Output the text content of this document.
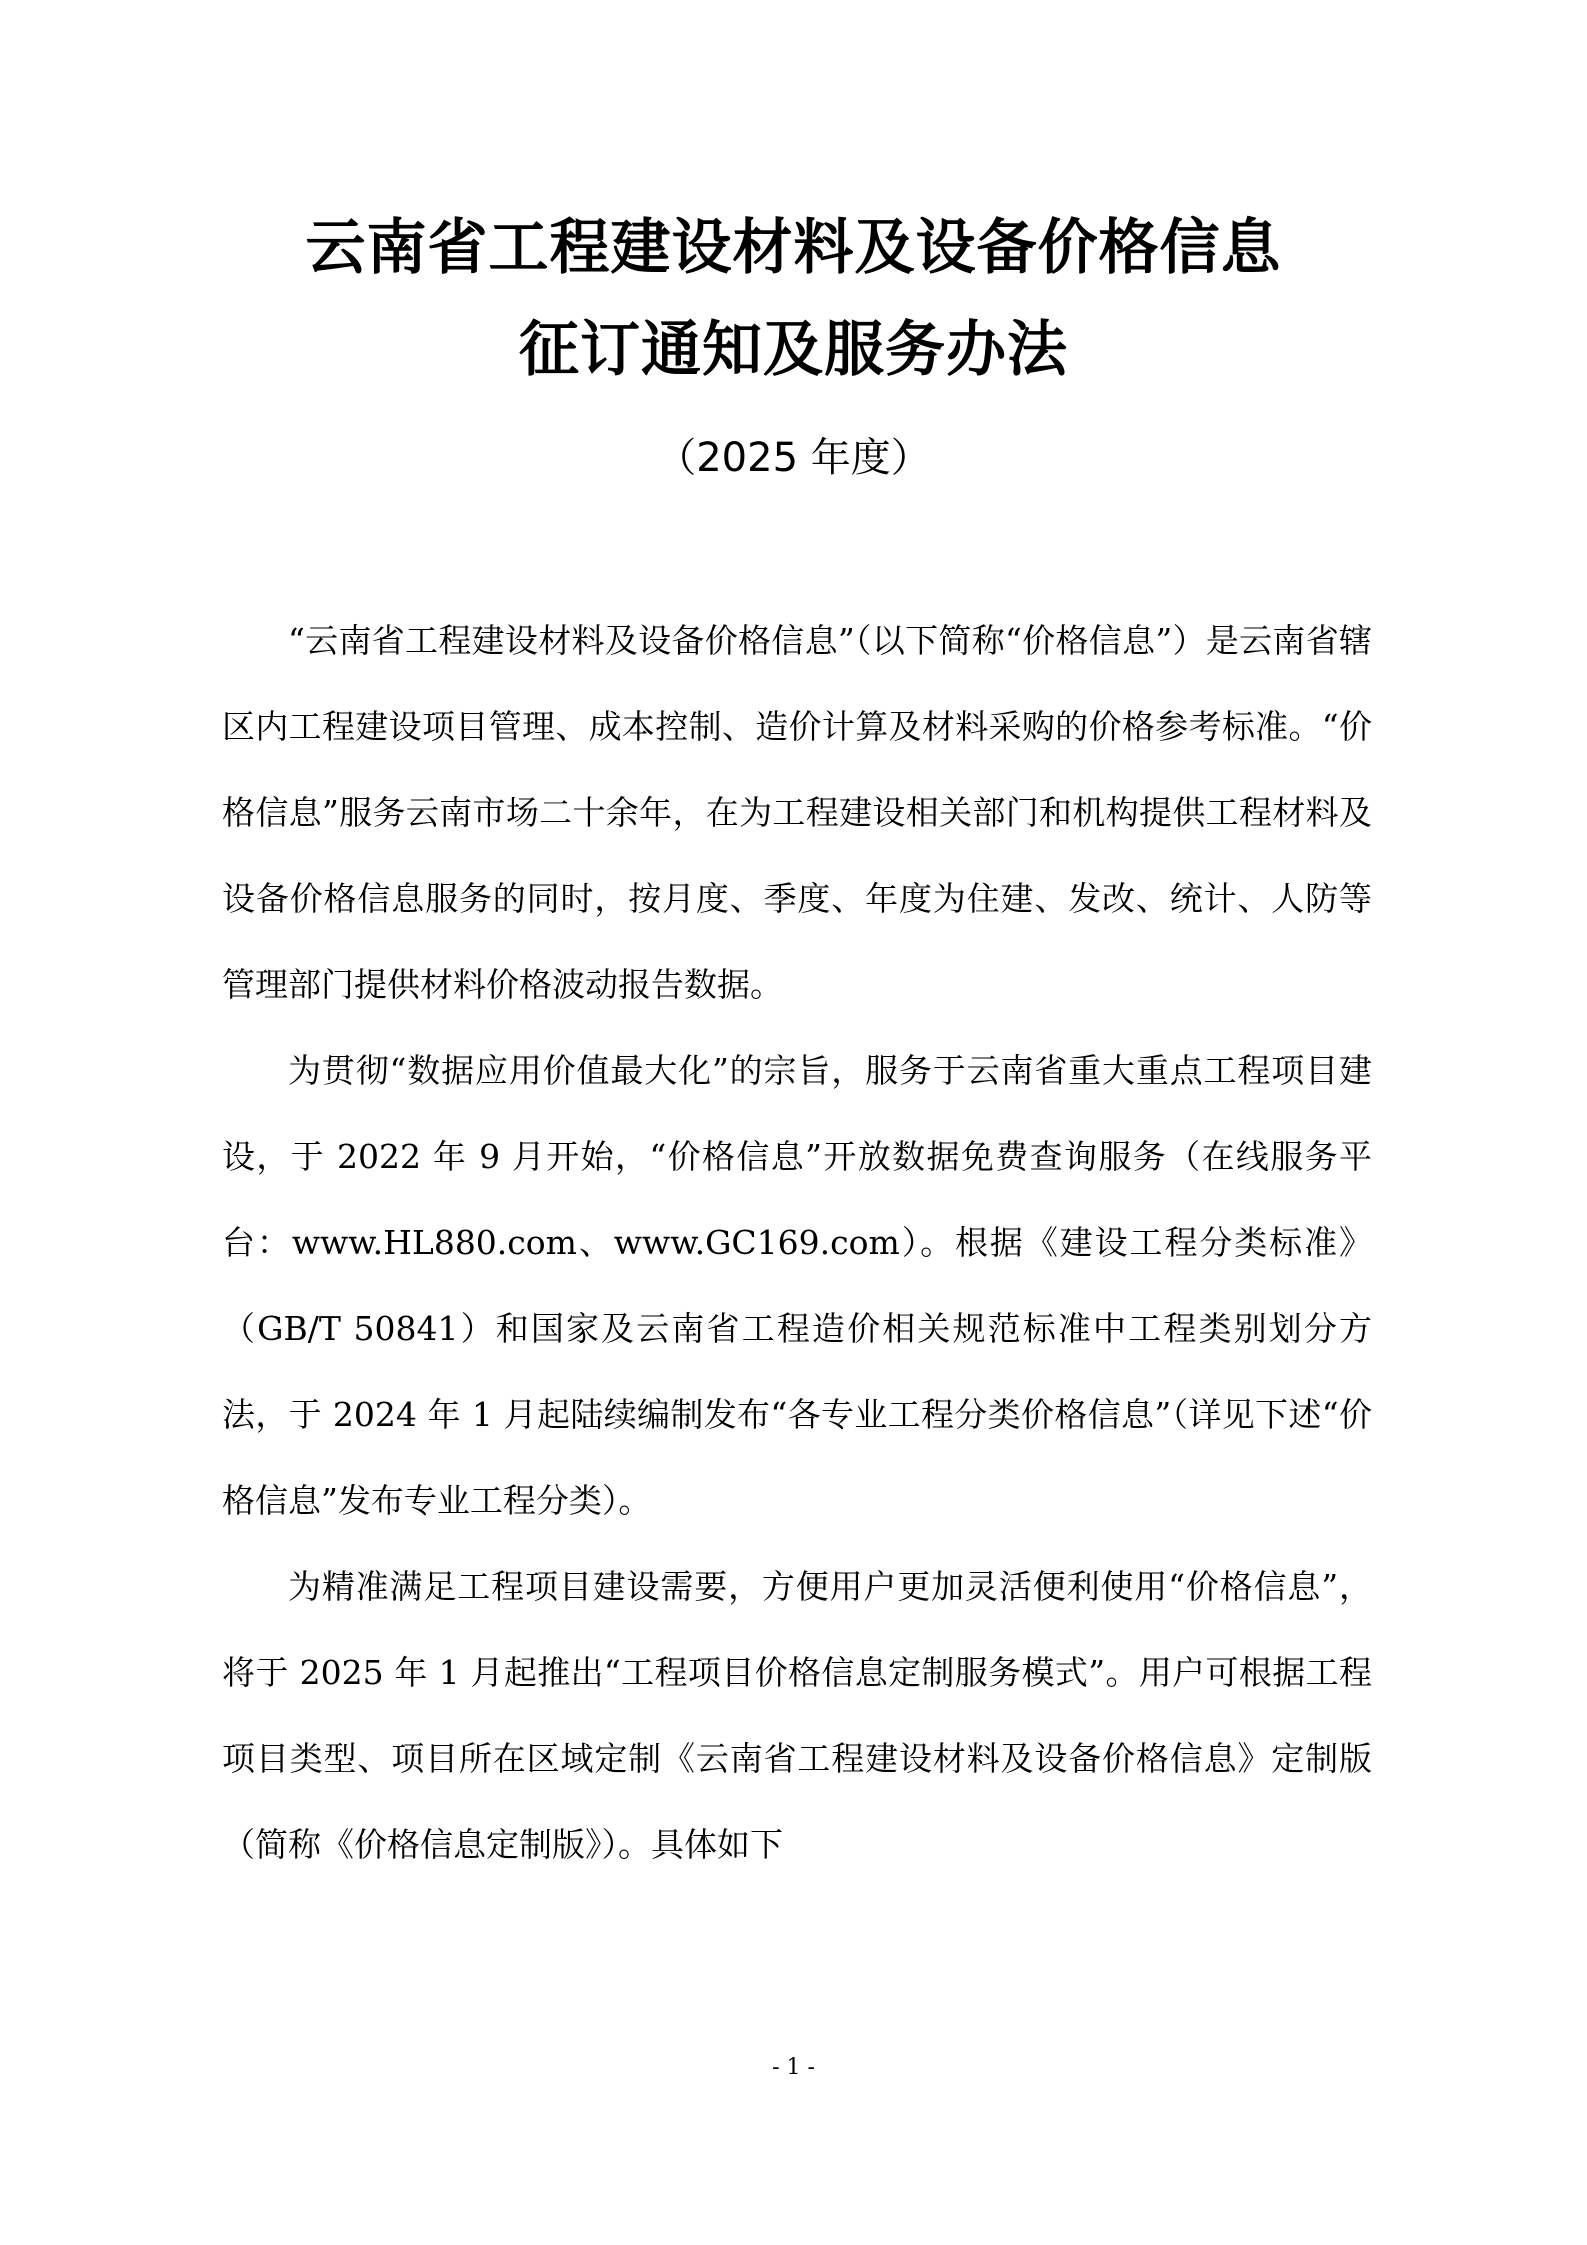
云南省工程建设材料及设备价格信息
征订通知及服务办法
（2025 年度）

“云南省工程建设材料及设备价格信息”（以下简称“价格信息”）是云南省辖区内工程建设项目管理、成本控制、造价计算及材料采购的价格参考标准。“价格信息”服务云南市场二十余年，在为工程建设相关部门和机构提供工程材料及设备价格信息服务的同时，按月度、季度、年度为住建、发改、统计、人防等管理部门提供材料价格波动报告数据。

为贯彻“数据应用价值最大化”的宗旨，服务于云南省重大重点工程项目建设，于 2022 年 9 月开始，“价格信息”开放数据免费查询服务（在线服务平台：www.HL880.com、www.GC169.com）。根据《建设工程分类标准》（GB/T 50841）和国家及云南省工程造价相关规范标准中工程类别划分方法，于 2024 年 1 月起陆续编制发布“各专业工程分类价格信息”（详见下述“价格信息”发布专业工程分类）。

为精准满足工程项目建设需要，方便用户更加灵活便利使用“价格信息”，将于 2025 年 1 月起推出“工程项目价格信息定制服务模式”。用户可根据工程项目类型、项目所在区域定制《云南省工程建设材料及设备价格信息》定制版（简称《价格信息定制版》）。具体如下

- 1 -
